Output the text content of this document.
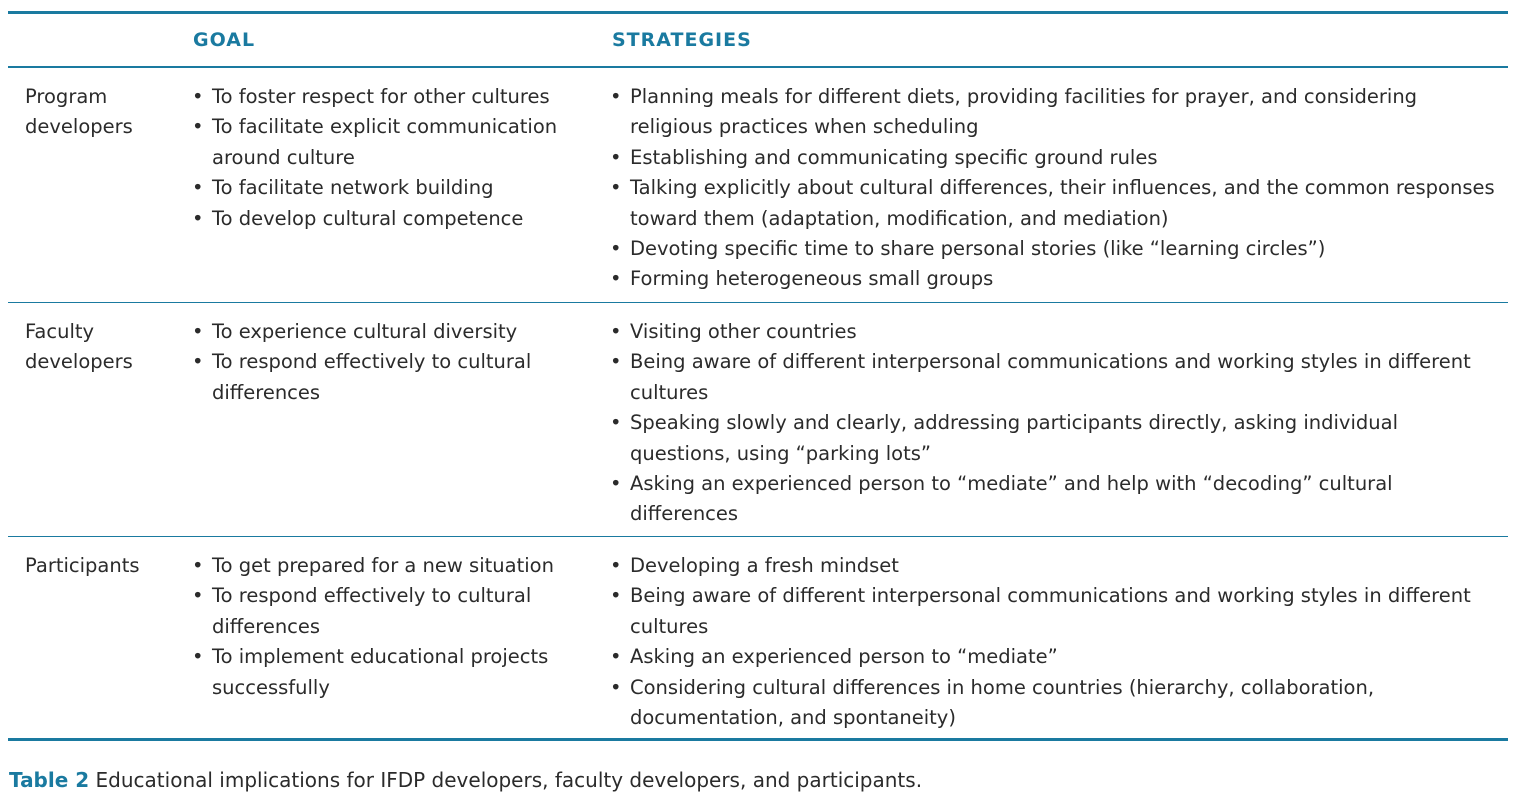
GOAL	STRATEGIES
Program developers
• To foster respect for other cultures
• To facilitate explicit communication around culture
• To facilitate network building
• To develop cultural competence
• Planning meals for different diets, providing facilities for prayer, and considering religious practices when scheduling
• Establishing and communicating specific ground rules
• Talking explicitly about cultural differences, their influences, and the common responses toward them (adaptation, modification, and mediation)
• Devoting specific time to share personal stories (like “learning circles”)
• Forming heterogeneous small groups
Faculty developers
• To experience cultural diversity
• To respond effectively to cultural differences
• Visiting other countries
• Being aware of different interpersonal communications and working styles in different cultures
• Speaking slowly and clearly, addressing participants directly, asking individual questions, using “parking lots”
• Asking an experienced person to “mediate” and help with “decoding” cultural differences
Participants	• To get prepared for a new situation
• To respond effectively to cultural differences
• To implement educational projects successfully
• Developing a fresh mindset
• Being aware of different interpersonal communications and working styles in different cultures
• Asking an experienced person to “mediate”
• Considering cultural differences in home countries (hierarchy, collaboration, documentation, and spontaneity)
Table 2 Educational implications for IFDP developers, faculty developers, and participants.
